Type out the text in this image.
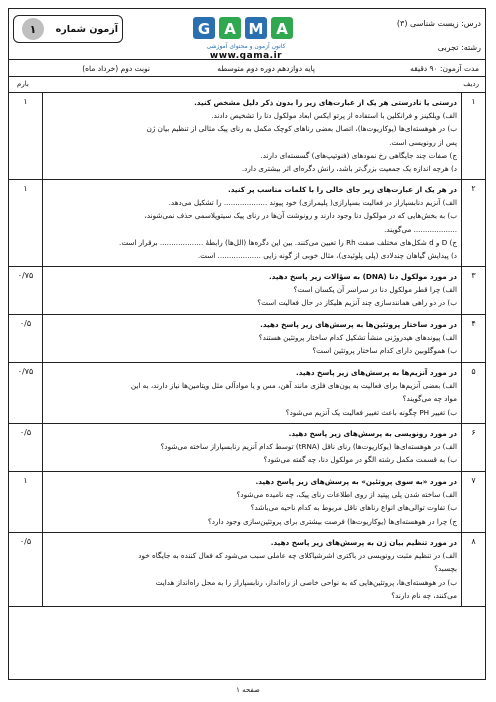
درس: زیست شناسی (۳)
رشته: تجربی
G A M A
کانون آزمون و محتوای آموزشی
www.gama.ir
آزمون شماره
۱
مدت آزمون: ۹۰ دقیقه
پایه دوازدهم دوره دوم متوسطه
نوبت دوم (خرداد ماه)
ردیف
بارم
۱
۱	درستی یا نادرستی هر یک از عبارت‌های زیر را بدون ذکر دلیل مشخص کنید.

الف) ویلکینز و فرانکلین با استفاده از پرتو ایکس ابعاد مولکول دنا را تشخیص دادند.

ب) در هوهسته‌ای‌ها (یوکاریوت‌ها)، اتصال بعضی رناهای کوچک مکمل به رنای پیک مثالی از تنظیم بیان ژن

پس از رونویسی است.

ج) صفات چند جایگاهی رخ نمودهای (فنوتیپ‌های) گسسته‌ای دارند.

د) هرچه اندازه یک جمعیت بزرگ‌تر باشد، رانش دگره‌ای اثر بیشتری دارد.

۲
۱	در هر یک از عبارت‌های زیر جای خالی را با کلمات مناسب پر کنید.

الف) آنزیم دنابسپاراز در فعالیت بسپارازی( پلیمرازی) خود پیوند ................... را تشکیل می‌دهد.

ب) به بخش‌هایی که در مولکول دنا وجود دارند و رونوشت آن‌ها در رنای پیک سیتوپلاسمی حذف نمی‌شوند،

................... می‌گویند.

ج) D و d شکل‌های مختلف صفت Rh را تعیین می‌کنند. بین این دگره‌ها (الل‌ها) رابطهٔ ................... برقرار است.

د) پیدایش گیاهان چندلادی (پلی پلوئیدی)، مثال خوبی از گونه زایی ................... است.

۳
۰/۷۵	در مورد مولکول دنا (DNA) به سؤالات زیر پاسخ دهید.

الف) چرا قطر مولکول دنا در سراسر آن یکسان است؟

ب) در دو راهی همانندسازی چند آنزیم هلیکاز در حال فعالیت است؟

۴
۰/۵	در مورد ساختار پروتئین‌ها به پرسش‌های زیر پاسخ دهید.

الف) پیوندهای هیدروژنی منشأ تشکیل کدام ساختار پروتئین هستند؟

ب) هموگلوبین دارای کدام ساختار پروتئین است؟

۵
۰/۷۵	در مورد آنزیم‌ها به پرسش‌های زیر پاسخ دهید.

الف) بعضی آنزیم‌ها برای فعالیت به یون‌های فلزی مانند آهن، مس و یا موادآلی مثل ویتامین‌ها نیاز دارند، به این

مواد چه می‌گویند؟

ب) تغییر PH چگونه باعث تغییر فعالیت یک آنزیم می‌شود؟

۶
۰/۵	در مورد رونویسی به پرسش‌های زیر پاسخ دهید.

الف) در هوهسته‌ای‌ها (یوکاریوت‌ها) رنای ناقل (tRNA) توسط کدام آنزیم رنابسپاراز ساخته می‌شود؟

ب) به قسمت مکمل رشته الگو در مولکول دنا، چه گفته می‌شود؟

۷
۱	در مورد «به سوی پروتئین» به پرسش‌های زیر پاسخ دهید.

الف) ساخته شدن پلی پپتید از روی اطلاعات رنای پیک، چه نامیده می‌شود؟

ب) تفاوت توالی‌های انواع رناهای ناقل مربوط به کدام ناحیه می‌باشد؟

ج) چرا در هوهسته‌ای‌ها (یوکاریوت‌ها) فرصت بیشتری برای پروتئین‌سازی وجود دارد؟

۸
۰/۵	در مورد تنظیم بیان ژن به پرسش‌های زیر پاسخ دهید.

الف) در تنظیم مثبت رونویسی در باکتری اشرشیاکلای چه عاملی سبب می‌شود که فعال کننده به جایگاه خود

بچسبد؟

ب) در هوهسته‌ای‌ها، پروتئین‌هایی که به نواحی خاصی از راه‌انداز، رنابسپاراز را به محل راه‌انداز هدایت

می‌کنند، چه نام دارند؟

صفحه ۱
